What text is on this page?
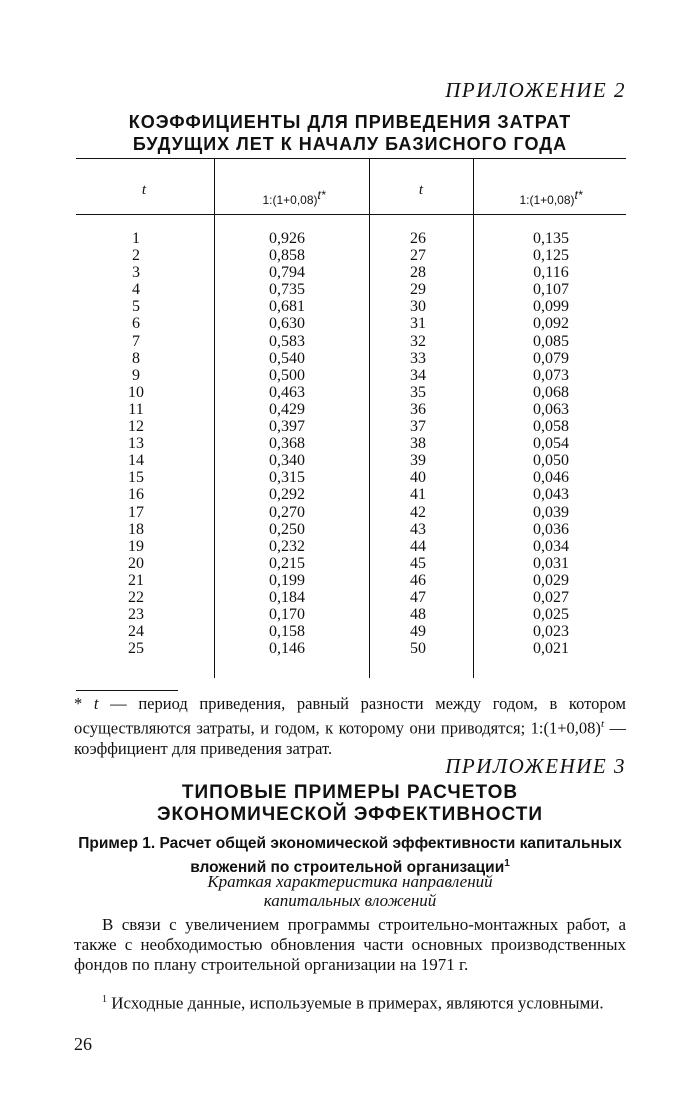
ПРИЛОЖЕНИЕ 2
КОЭФФИЦИЕНТЫ ДЛЯ ПРИВЕДЕНИЯ ЗАТРАТ
БУДУЩИХ ЛЕТ К НАЧАЛУ БАЗИСНОГО ГОДА
t
$1:(1+0,08)^{t*}$	t
$1:(1+0,08)^{t*}$
1
2
3
4
5
6
7
8
9
10
11
12
13
14
15
16
17
18
19
20
21
22
23
24
25
0,926
0,858
0,794
0,735
0,681
0,630
0,583
0,540
0,500
0,463
0,429
0,397
0,368
0,340
0,315
0,292
0,270
0,250
0,232
0,215
0,199
0,184
0,170
0,158
0,146
26
27
28
29
30
31
32
33
34
35
36
37
38
39
40
41
42
43
44
45
46
47
48
49
50
0,135
0,125
0,116
0,107
0,099
0,092
0,085
0,079
0,073
0,068
0,063
0,058
0,054
0,050
0,046
0,043
0,039
0,036
0,034
0,031
0,029
0,027
0,025
0,023
0,021
* t — период приведения, равный разности между годом, в котором осуществляются затраты, и годом, к которому они приводятся; $1:(1+0,08)^t$ — коэффициент для приведения затрат.
ПРИЛОЖЕНИЕ 3
ТИПОВЫЕ ПРИМЕРЫ РАСЧЕТОВ
ЭКОНОМИЧЕСКОЙ ЭФФЕКТИВНОСТИ
Пример 1. Расчет общей экономической эффективности капитальных
вложений по строительной организации$^1$
Краткая характеристика направлений
капитальных вложений
В связи с увеличением программы строительно-монтажных работ, а также с необходимостью обновления части основных производственных фондов по плану строительной организации на 1971 г.
$^1$ Исходные данные, используемые в примерах, являются условными.
26
